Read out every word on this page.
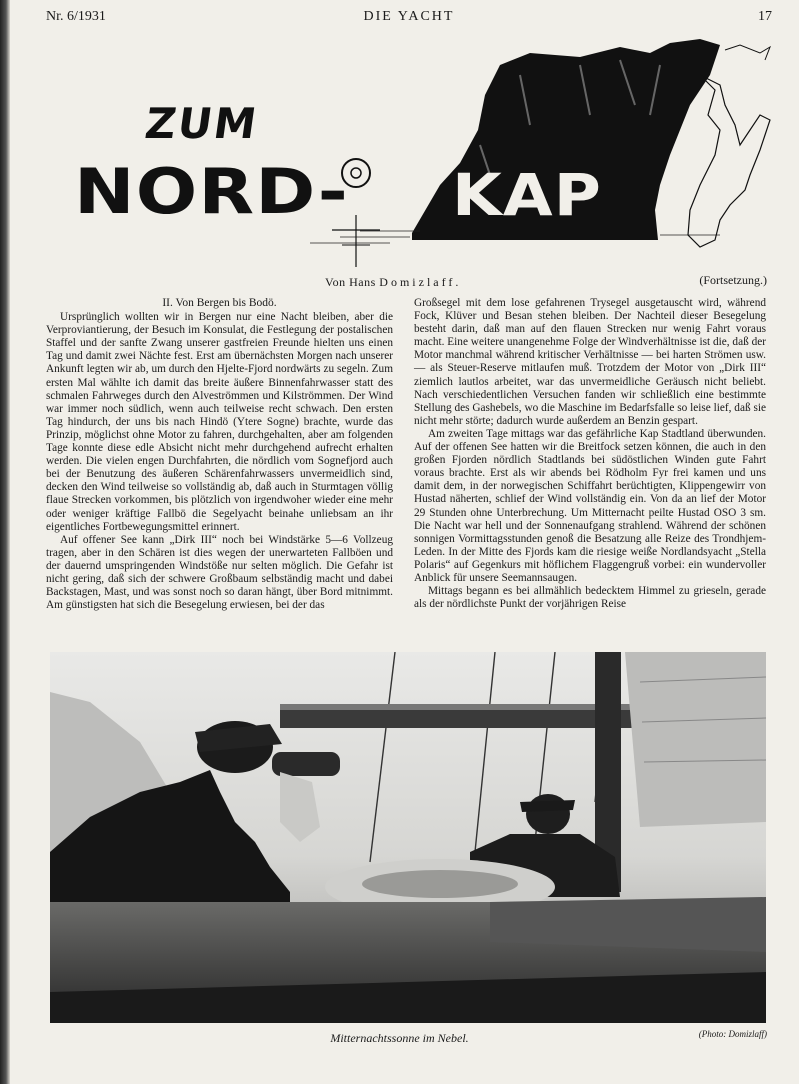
Nr. 6/1931	DIE YACHT	17
ZUM
NORD- KAP
Von Hans Domizlaff.	(Fortsetzung.)
II. Von Bergen bis Bodö.

Ursprünglich wollten wir in Bergen nur eine Nacht bleiben, aber die Verproviantierung, der Besuch im Konsulat, die Festlegung der postalischen Staffel und der sanfte Zwang unserer gastfreien Freunde hielten uns einen Tag und damit zwei Nächte fest. Erst am übernächsten Morgen nach unserer Ankunft legten wir ab, um durch den Hjelte-Fjord nordwärts zu segeln. Zum ersten Mal wählte ich damit das breite äußere Binnenfahrwasser statt des schmalen Fahrweges durch den Alveströmmen und Kilströmmen. Der Wind war immer noch südlich, wenn auch teilweise recht schwach. Den ersten Tag hindurch, der uns bis nach Hindö (Ytere Sogne) brachte, wurde das Prinzip, möglichst ohne Motor zu fahren, durchgehalten, aber am folgenden Tage konnte diese edle Absicht nicht mehr durchgehend aufrecht erhalten werden. Die vielen engen Durchfahrten, die nördlich vom Sognefjord auch bei der Benutzung des äußeren Schärenfahrwassers unvermeidlich sind, decken den Wind teilweise so vollständig ab, daß auch in Sturmtagen völlig flaue Strecken vorkommen, bis plötzlich von irgendwoher wieder eine mehr oder weniger kräftige Fallbö die Segelyacht beinahe unliebsam an ihr eigentliches Fortbewegungsmittel erinnert.

Auf offener See kann „Dirk III“ noch bei Windstärke 5—6 Vollzeug tragen, aber in den Schären ist dies wegen der unerwarteten Fallböen und der dauernd umspringenden Windstöße nur selten möglich. Die Gefahr ist nicht gering, daß sich der schwere Großbaum selbständig macht und dabei Backstagen, Mast, und was sonst noch so daran hängt, über Bord mitnimmt. Am günstigsten hat sich die Besegelung erwiesen, bei der das

Großsegel mit dem lose gefahrenen Trysegel ausgetauscht wird, während Fock, Klüver und Besan stehen bleiben. Der Nachteil dieser Besegelung besteht darin, daß man auf den flauen Strecken nur wenig Fahrt voraus macht. Eine weitere unangenehme Folge der Windverhältnisse ist die, daß der Motor manchmal während kritischer Verhältnisse — bei harten Strömen usw. — als Steuer-Reserve mitlaufen muß. Trotzdem der Motor von „Dirk III“ ziemlich lautlos arbeitet, war das unvermeidliche Geräusch nicht beliebt. Nach verschiedentlichen Versuchen fanden wir schließlich eine bestimmte Stellung des Gashebels, wo die Maschine im Bedarfsfalle so leise lief, daß sie nicht mehr störte; dadurch wurde außerdem an Benzin gespart.

Am zweiten Tage mittags war das gefährliche Kap Stadtland überwunden. Auf der offenen See hatten wir die Breitfock setzen können, die auch in den großen Fjorden nördlich Stadtlands bei südöstlichen Winden gute Fahrt voraus brachte. Erst als wir abends bei Rödholm Fyr frei kamen und uns damit dem, in der norwegischen Schiffahrt berüchtigten, Klippengewirr von Hustad näherten, schlief der Wind vollständig ein. Von da an lief der Motor 29 Stunden ohne Unterbrechung. Um Mitternacht peilte Hustad OSO 3 sm. Die Nacht war hell und der Sonnenaufgang strahlend. Während der schönen sonnigen Vormittagsstunden genoß die Besatzung alle Reize des Trondhjem-Leden. In der Mitte des Fjords kam die riesige weiße Nordlandsyacht „Stella Polaris“ auf Gegenkurs mit höflichem Flaggengruß vorbei: ein wundervoller Anblick für unsere Seemannsaugen.

Mittags begann es bei allmählich bedecktem Himmel zu grieseln, gerade als der nördlichste Punkt der vorjährigen Reise

Mitternachtssonne im Nebel.	(Photo: Domizlaff)
